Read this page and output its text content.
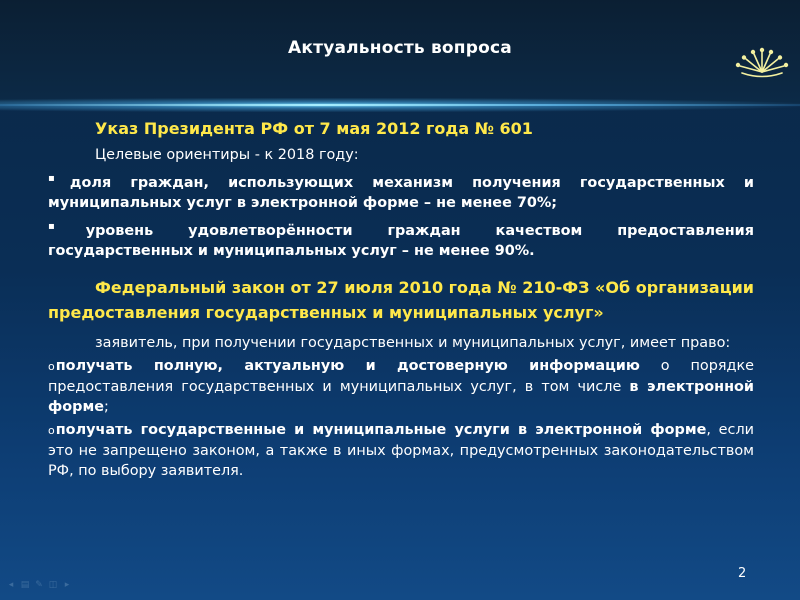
Актуальность вопроса
Указ Президента РФ от 7 мая 2012 года № 601
Целевые ориентиры - к 2018 году:
▪доля граждан, использующих механизм получения государственных и муниципальных услуг в электронной форме – не менее 70%;
▪уровень удовлетворённости граждан качеством предоставления государственных и муниципальных услуг – не менее 90%.
Федеральный закон от 27 июля 2010 года № 210-ФЗ «Об организации предоставления государственных и муниципальных услуг»
заявитель, при получении государственных и муниципальных услуг, имеет право:
oполучать полную, актуальную и достоверную информацию о порядке предоставления государственных и муниципальных услуг, в том числе в электронной форме;
oполучать государственные и муниципальные услуги в электронной форме, если это не запрещено законом, а также в иных формах, предусмотренных законодательством РФ, по выбору заявителя.
2
◂ ▤ ✎ ◫ ▸
